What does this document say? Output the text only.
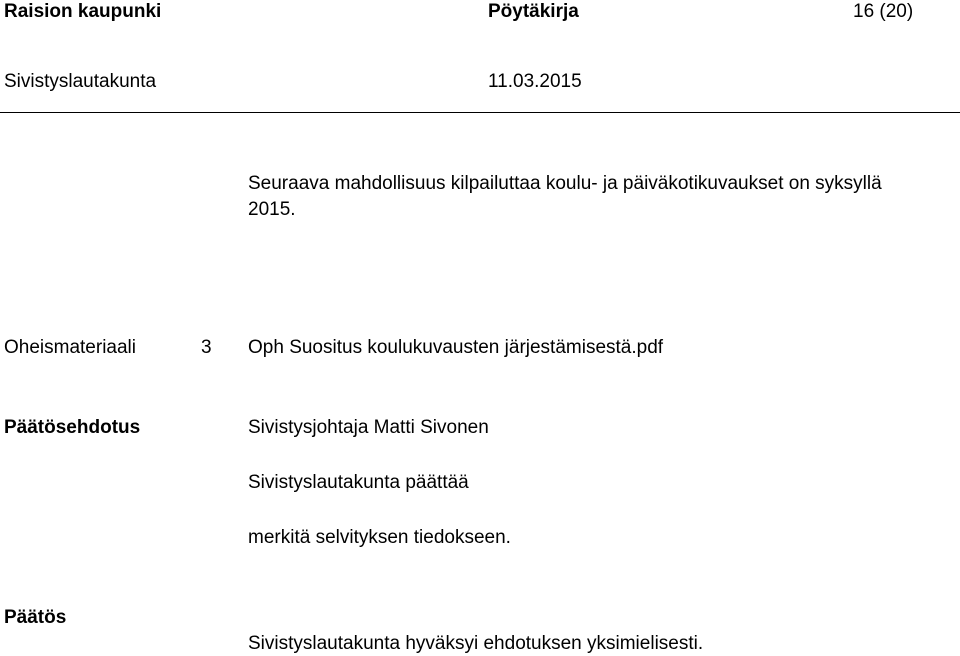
Raision kaupunki	Pöytäkirja	16 (20)

Sivistyslautakunta	11.03.2015

Seuraava mahdollisuus kilpailuttaa koulu- ja päiväkotikuvaukset on syksyllä

2015.

Oheismateriaali	3 Oph Suositus koulukuvausten järjestämisestä.pdf

Päätösehdotus	Sivistysjohtaja Matti Sivonen

Sivistyslautakunta päättää

merkitä selvityksen tiedokseen.

Päätös

Sivistyslautakunta hyväksyi ehdotuksen yksimielisesti.
